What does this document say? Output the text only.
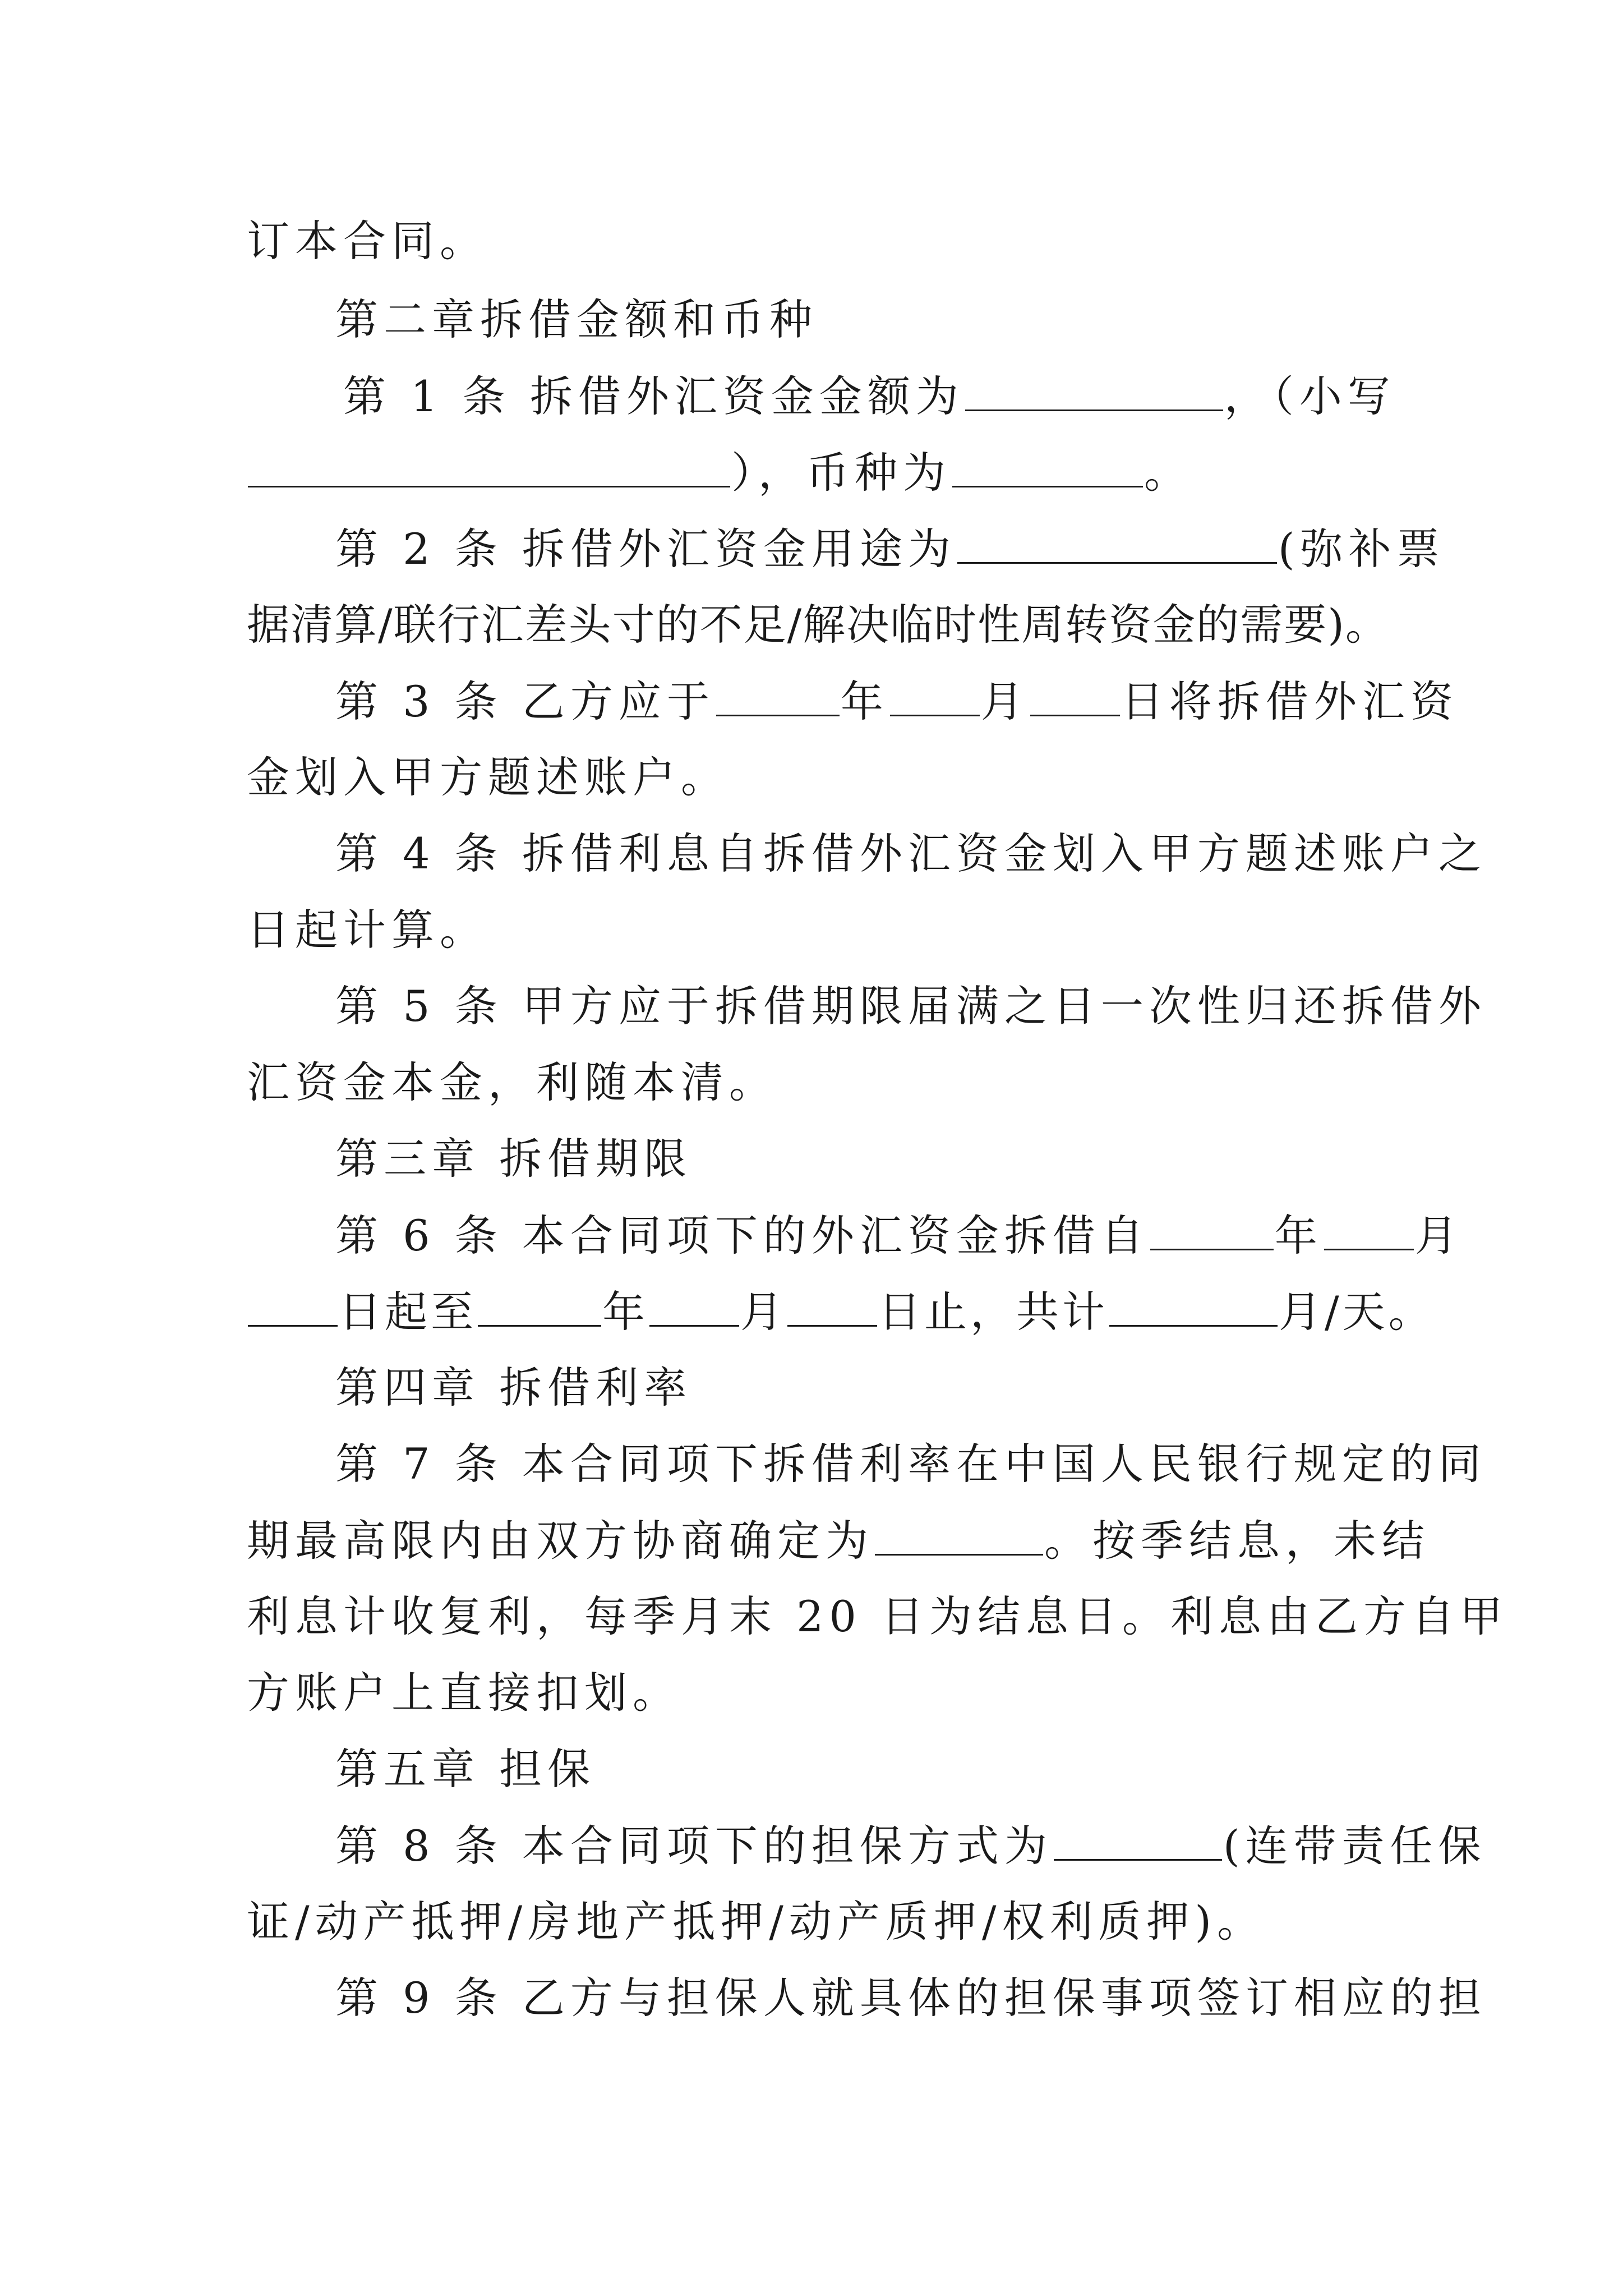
订本合同。
第二章拆借金额和币种
第 1 条 拆借外汇资金金额为	，（小写
），币种为	。
第 2 条 拆借外汇资金用途为	(弥补票
据清算/联行汇差头寸的不足/解决临时性周转资金的需要)。
第 3 条 乙方应于	年 月 日将拆借外汇资
金划入甲方题述账户。
第 4 条 拆借利息自拆借外汇资金划入甲方题述账户之
日起计算。
第 5 条 甲方应于拆借期限届满之日一次性归还拆借外
汇资金本金，利随本清。
第三章 拆借期限
第 6 条 本合同项下的外汇资金拆借自	年 月
日起至	年 月 日止，共计	月/天。
第四章 拆借利率
第 7 条 本合同项下拆借利率在中国人民银行规定的同
期最高限内由双方协商确定为	。按季结息，未结
利息计收复利，每季月末 20 日为结息日。利息由乙方自甲
方账户上直接扣划。
第五章 担保
第 8 条 本合同项下的担保方式为	(连带责任保
证/动产抵押/房地产抵押/动产质押/权利质押)。
第 9 条 乙方与担保人就具体的担保事项签订相应的担
